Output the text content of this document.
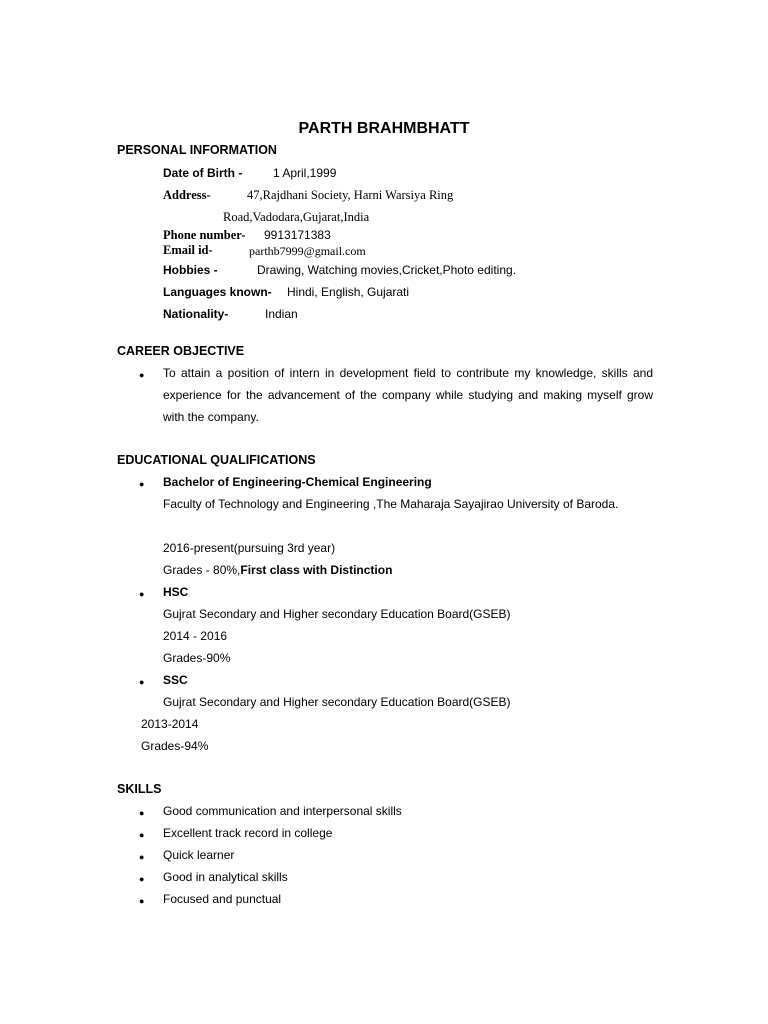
PARTH BRAHMBHATT
PERSONAL INFORMATION
Date of Birth -	1 April,1999
Address-	47,Rajdhani Society, Harni Warsiya Ring
Road,Vadodara,Gujarat,India
Phone number- 9913171383
Email id-	parthb7999@gmail.com
Hobbies -	Drawing, Watching movies,Cricket,Photo editing.
Languages known- Hindi, English, Gujarati
Nationality-	Indian
CAREER OBJECTIVE
● To attain a position of intern in development field to contribute my knowledge, skills and experience for the advancement of the company while studying and making myself grow with the company.
EDUCATIONAL QUALIFICATIONS
● Bachelor of Engineering-Chemical Engineering
Faculty of Technology and Engineering ,The Maharaja Sayajirao University of Baroda.
2016-present(pursuing 3rd year)
Grades - 80%,First class with Distinction
● HSC
Gujrat Secondary and Higher secondary Education Board(GSEB)
2014 - 2016
Grades-90%
● SSC
Gujrat Secondary and Higher secondary Education Board(GSEB)
2013-2014
Grades-94%
SKILLS
● Good communication and interpersonal skills
● Excellent track record in college
● Quick learner
● Good in analytical skills
● Focused and punctual
